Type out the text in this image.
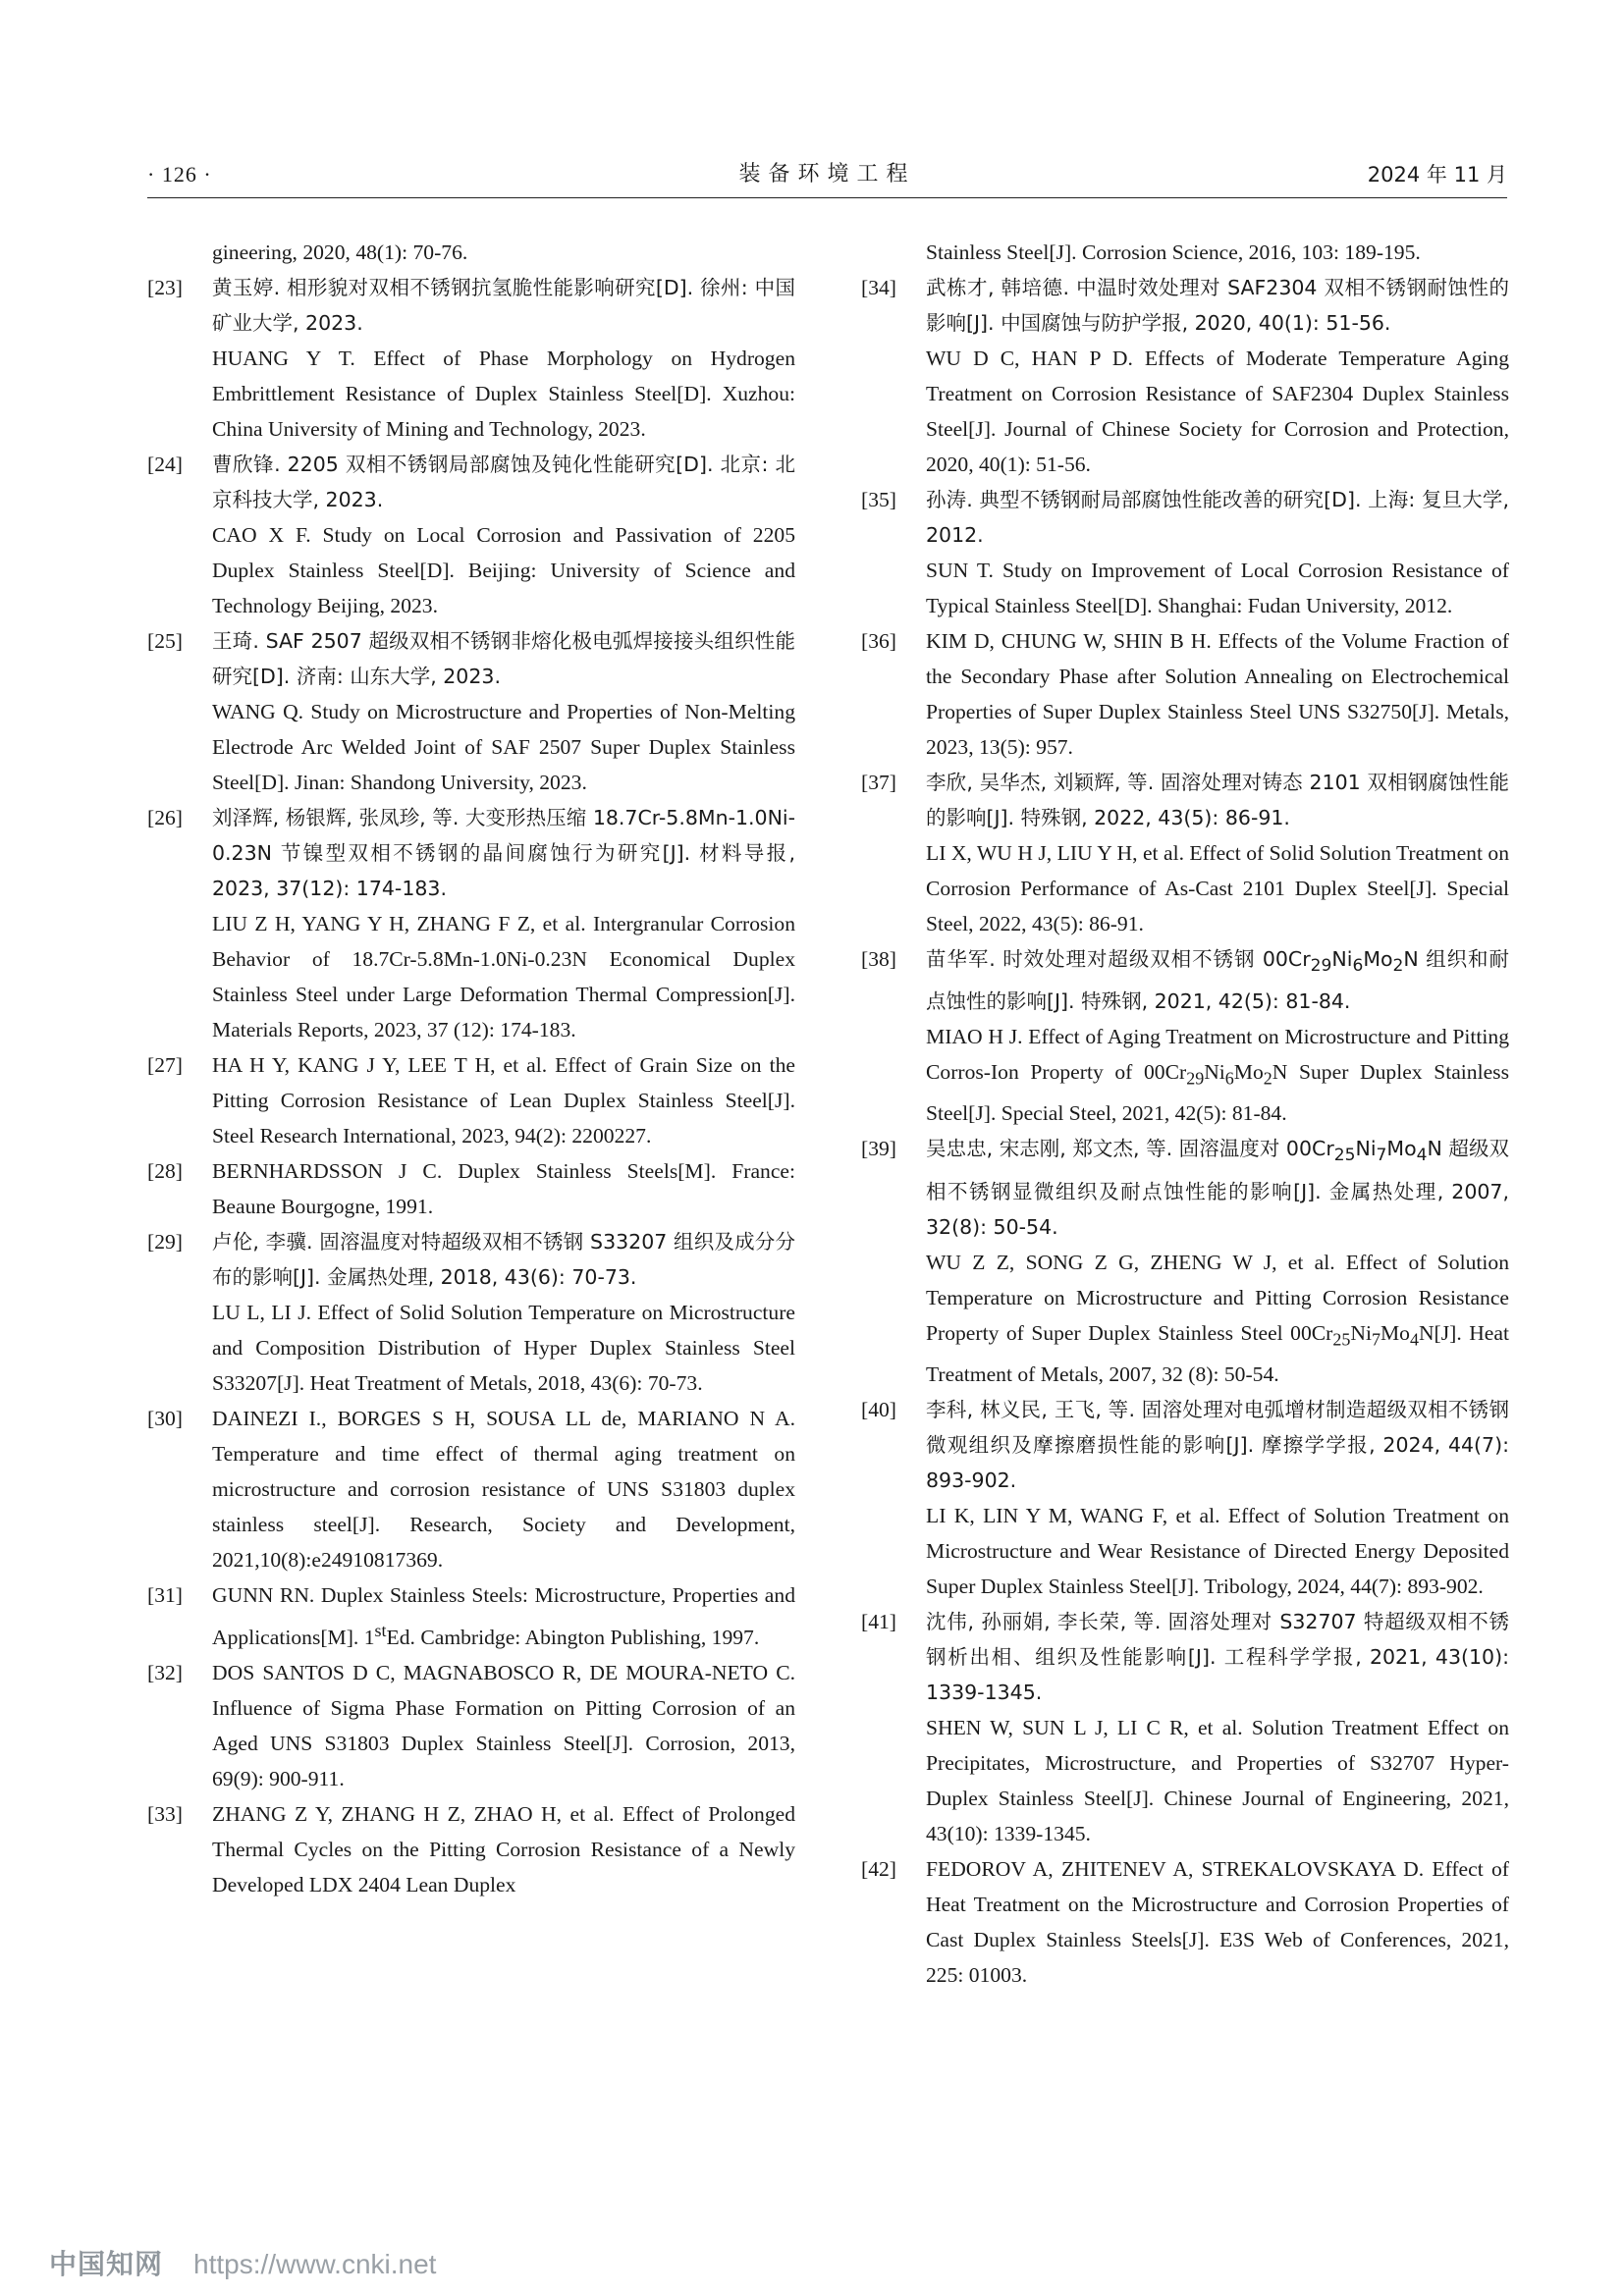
· 126 ·	装备环境工程	2024 年 11 月

gineering, 2020, 48(1): 70-76.

[23] 黄玉婷. 相形貌对双相不锈钢抗氢脆性能影响研究[D]. 徐州: 中国矿业大学, 2023.

HUANG Y T. Effect of Phase Morphology on Hydrogen Embrittlement Resistance of Duplex Stainless Steel[D]. Xuzhou: China University of Mining and Technology, 2023.

[24] 曹欣锋. 2205 双相不锈钢局部腐蚀及钝化性能研究[D]. 北京: 北京科技大学, 2023.

CAO X F. Study on Local Corrosion and Passivation of 2205 Duplex Stainless Steel[D]. Beijing: University of Science and Technology Beijing, 2023.

[25] 王琦. SAF 2507 超级双相不锈钢非熔化极电弧焊接接头组织性能研究[D]. 济南: 山东大学, 2023.

WANG Q. Study on Microstructure and Properties of Non-Melting Electrode Arc Welded Joint of SAF 2507 Super Duplex Stainless Steel[D]. Jinan: Shandong University, 2023.

[26] 刘泽辉, 杨银辉, 张凤珍, 等. 大变形热压缩 18.7Cr-5.8Mn-1.0Ni-0.23N 节镍型双相不锈钢的晶间腐蚀行为研究[J]. 材料导报, 2023, 37(12): 174-183.

LIU Z H, YANG Y H, ZHANG F Z, et al. Intergranular Corrosion Behavior of 18.7Cr-5.8Mn-1.0Ni-0.23N Economical Duplex Stainless Steel under Large Deformation Thermal Compression[J]. Materials Reports, 2023, 37 (12): 174-183.

[27] HA H Y, KANG J Y, LEE T H, et al. Effect of Grain Size on the Pitting Corrosion Resistance of Lean Duplex Stainless Steel[J]. Steel Research International, 2023, 94(2): 2200227.

[28] BERNHARDSSON J C. Duplex Stainless Steels[M]. France: Beaune Bourgogne, 1991.

[29] 卢伦, 李骥. 固溶温度对特超级双相不锈钢 S33207 组织及成分分布的影响[J]. 金属热处理, 2018, 43(6): 70-73.

LU L, LI J. Effect of Solid Solution Temperature on Microstructure and Composition Distribution of Hyper Duplex Stainless Steel S33207[J]. Heat Treatment of Metals, 2018, 43(6): 70-73.

[30] DAINEZI I., BORGES S H, SOUSA LL de, MARIANO N A. Temperature and time effect of thermal aging treatment on microstructure and corrosion resistance of UNS S31803 duplex stainless steel[J]. Research, Society and Development, 2021,10(8):e24910817369.

[31] GUNN RN. Duplex Stainless Steels: Microstructure, Properties and Applications[M]. 1stEd. Cambridge: Abington Publishing, 1997.

[32] DOS SANTOS D C, MAGNABOSCO R, DE MOURA-NETO C. Influence of Sigma Phase Formation on Pitting Corrosion of an Aged UNS S31803 Duplex Stainless Steel[J]. Corrosion, 2013, 69(9): 900-911.

[33] ZHANG Z Y, ZHANG H Z, ZHAO H, et al. Effect of Prolonged Thermal Cycles on the Pitting Corrosion Resistance of a Newly Developed LDX 2404 Lean Duplex

Stainless Steel[J]. Corrosion Science, 2016, 103: 189-195.

[34] 武栋才, 韩培德. 中温时效处理对 SAF2304 双相不锈钢耐蚀性的影响[J]. 中国腐蚀与防护学报, 2020, 40(1): 51-56.

WU D C, HAN P D. Effects of Moderate Temperature Aging Treatment on Corrosion Resistance of SAF2304 Duplex Stainless Steel[J]. Journal of Chinese Society for Corrosion and Protection, 2020, 40(1): 51-56.

[35] 孙涛. 典型不锈钢耐局部腐蚀性能改善的研究[D]. 上海: 复旦大学, 2012.

SUN T. Study on Improvement of Local Corrosion Resistance of Typical Stainless Steel[D]. Shanghai: Fudan University, 2012.

[36] KIM D, CHUNG W, SHIN B H. Effects of the Volume Fraction of the Secondary Phase after Solution Annealing on Electrochemical Properties of Super Duplex Stainless Steel UNS S32750[J]. Metals, 2023, 13(5): 957.

[37] 李欣, 吴华杰, 刘颖辉, 等. 固溶处理对铸态 2101 双相钢腐蚀性能的影响[J]. 特殊钢, 2022, 43(5): 86-91.

LI X, WU H J, LIU Y H, et al. Effect of Solid Solution Treatment on Corrosion Performance of As-Cast 2101 Duplex Steel[J]. Special Steel, 2022, 43(5): 86-91.

[38] 苗华军. 时效处理对超级双相不锈钢 $00Cr_{29}Ni_6Mo_2N$ 组织和耐点蚀性的影响[J]. 特殊钢, 2021, 42(5): 81-84.

MIAO H J. Effect of Aging Treatment on Microstructure and Pitting Corros-Ion Property of $00Cr_{29}Ni_6Mo_2N$ Super Duplex Stainless Steel[J]. Special Steel, 2021, 42(5): 81-84.

[39] 吴忠忠, 宋志刚, 郑文杰, 等. 固溶温度对 $00Cr_{25}Ni_7Mo_4N$ 超级双相不锈钢显微组织及耐点蚀性能的影响[J]. 金属热处理, 2007, 32(8): 50-54.

WU Z Z, SONG Z G, ZHENG W J, et al. Effect of Solution Temperature on Microstructure and Pitting Corrosion Resistance Property of Super Duplex Stainless Steel $00Cr_{25}Ni_7Mo_4N[J]$. Heat Treatment of Metals, 2007, 32 (8): 50-54.

[40] 李科, 林义民, 王飞, 等. 固溶处理对电弧增材制造超级双相不锈钢微观组织及摩擦磨损性能的影响[J]. 摩擦学学报, 2024, 44(7): 893-902.

LI K, LIN Y M, WANG F, et al. Effect of Solution Treatment on Microstructure and Wear Resistance of Directed Energy Deposited Super Duplex Stainless Steel[J]. Tribology, 2024, 44(7): 893-902.

[41] 沈伟, 孙丽娟, 李长荣, 等. 固溶处理对 S32707 特超级双相不锈钢析出相、组织及性能影响[J]. 工程科学学报, 2021, 43(10): 1339-1345.

SHEN W, SUN L J, LI C R, et al. Solution Treatment Effect on Precipitates, Microstructure, and Properties of S32707 Hyper-Duplex Stainless Steel[J]. Chinese Journal of Engineering, 2021, 43(10): 1339-1345.

[42] FEDOROV A, ZHITENEV A, STREKALOVSKAYA D. Effect of Heat Treatment on the Microstructure and Corrosion Properties of Cast Duplex Stainless Steels[J]. E3S Web of Conferences, 2021, 225: 01003.

中国知网 https://www.cnki.net
